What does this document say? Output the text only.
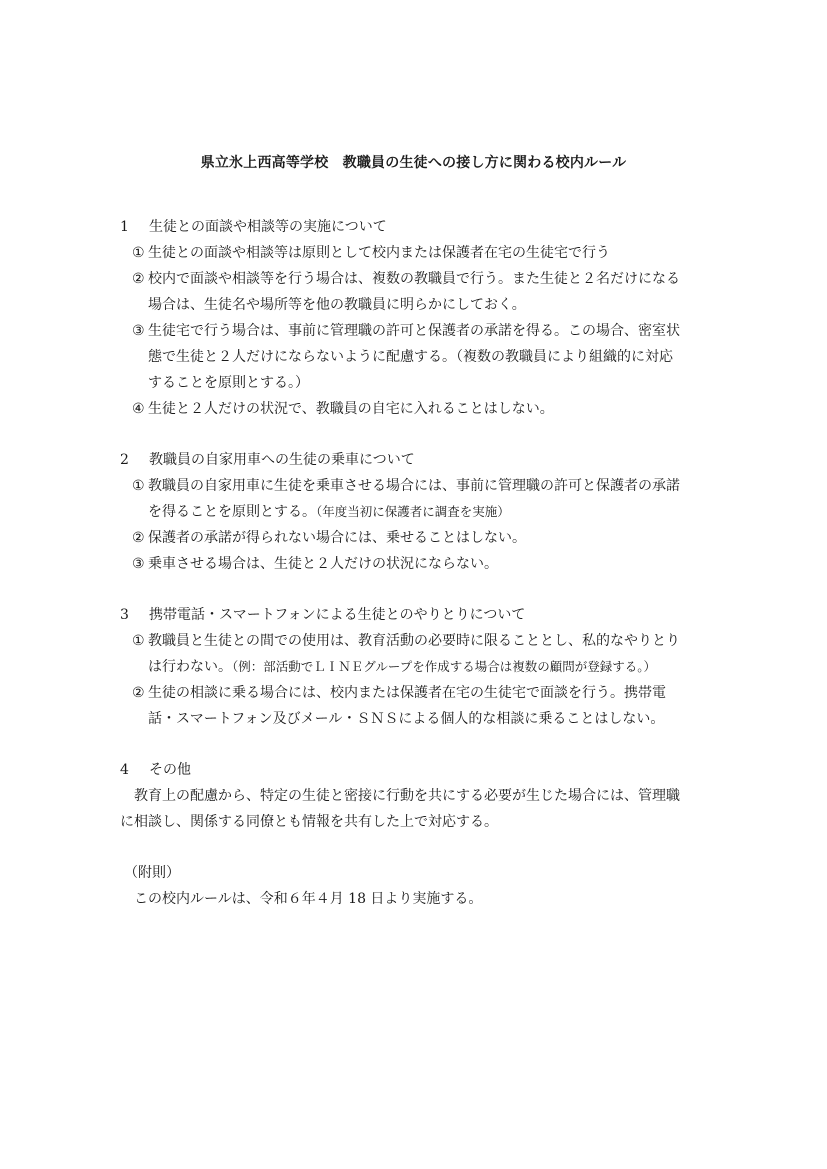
県立氷上西高等学校　教職員の生徒への接し方に関わる校内ルール
1	生徒との面談や相談等の実施について
① 生徒との面談や相談等は原則として校内または保護者在宅の生徒宅で行う
② 校内で面談や相談等を行う場合は、複数の教職員で行う。また生徒と２名だけになる
場合は、生徒名や場所等を他の教職員に明らかにしておく。
③ 生徒宅で行う場合は、事前に管理職の許可と保護者の承諾を得る。この場合、密室状
態で生徒と２人だけにならないように配慮する。（複数の教職員により組織的に対応
することを原則とする。）
④ 生徒と２人だけの状況で、教職員の自宅に入れることはしない。
2	教職員の自家用車への生徒の乗車について
① 教職員の自家用車に生徒を乗車させる場合には、事前に管理職の許可と保護者の承諾
を得ることを原則とする。（年度当初に保護者に調査を実施）
② 保護者の承諾が得られない場合には、乗せることはしない。
③ 乗車させる場合は、生徒と２人だけの状況にならない。
3	携帯電話・スマートフォンによる生徒とのやりとりについて
① 教職員と生徒との間での使用は、教育活動の必要時に限ることとし、私的なやりとり
は行わない。（例：部活動でＬＩＮＥグループを作成する場合は複数の顧問が登録する。）
② 生徒の相談に乗る場合には、校内または保護者在宅の生徒宅で面談を行う。携帯電
話・スマートフォン及びメール・ＳＮＳによる個人的な相談に乗ることはしない。
4	その他
教育上の配慮から、特定の生徒と密接に行動を共にする必要が生じた場合には、管理職
に相談し、関係する同僚とも情報を共有した上で対応する。
（附則）
この校内ルールは、令和６年４月 18 日より実施する。
